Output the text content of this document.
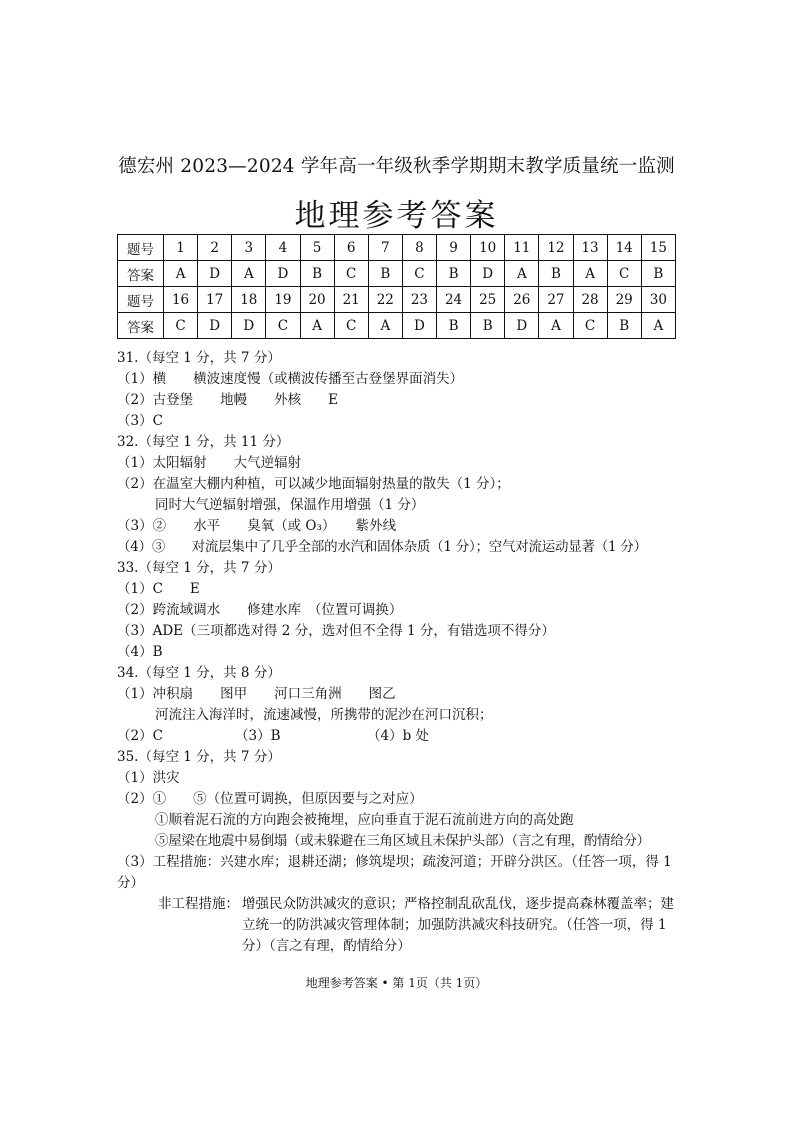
德宏州 2023—2024 学年高一年级秋季学期期末教学质量统一监测
地理参考答案
题号	1	2	3	4	5	6	7	8	9	10	11	12	13	14	15
答案	A	D	A	D	B	C	B	C	B	D	A	B	A	C	B
题号	16	17	18	19	20	21	22	23	24	25	26	27	28	29	30
答案	C	D	D	C	A	C	A	D	B	B	D	A	C	B	A
31.（每空 1 分，共 7 分）
（1）横　　横波速度慢（或横波传播至古登堡界面消失）
（2）古登堡　　地幔　　外核　　E
（3）C
32.（每空 1 分，共 11 分）
（1）太阳辐射　　大气逆辐射
（2）在温室大棚内种植，可以减少地面辐射热量的散失（1 分）；
同时大气逆辐射增强，保温作用增强（1 分）
（3）②　　水平　　臭氧（或 O₃）　　紫外线
（4）③　　对流层集中了几乎全部的水汽和固体杂质（1 分）；空气对流运动显著（1 分）
33.（每空 1 分，共 7 分）
（1）C　　E
（2）跨流域调水　　修建水库　（位置可调换）
（3）ADE（三项都选对得 2 分，选对但不全得 1 分，有错选项不得分）
（4）B
34.（每空 1 分，共 8 分）
（1）冲积扇　　图甲　　河口三角洲　　图乙
河流注入海洋时，流速减慢，所携带的泥沙在河口沉积；
（2）C	（3）B	（4）b 处
35.（每空 1 分，共 7 分）
（1）洪灾
（2）①　　⑤（位置可调换，但原因要与之对应）
①顺着泥石流的方向跑会被掩埋，应向垂直于泥石流前进方向的高处跑
⑤屋梁在地震中易倒塌（或未躲避在三角区域且未保护头部）（言之有理，酌情给分）
（3）工程措施：兴建水库；退耕还湖；修筑堤坝；疏浚河道；开辟分洪区。（任答一项，得 1 分）
非工程措施： 增强民众防洪减灾的意识；严格控制乱砍乱伐，逐步提高森林覆盖率；建立统一的防洪减灾管理体制；加强防洪减灾科技研究。（任答一项，得 1 分）（言之有理，酌情给分）
地理参考答案 • 第 1页（共 1页）
